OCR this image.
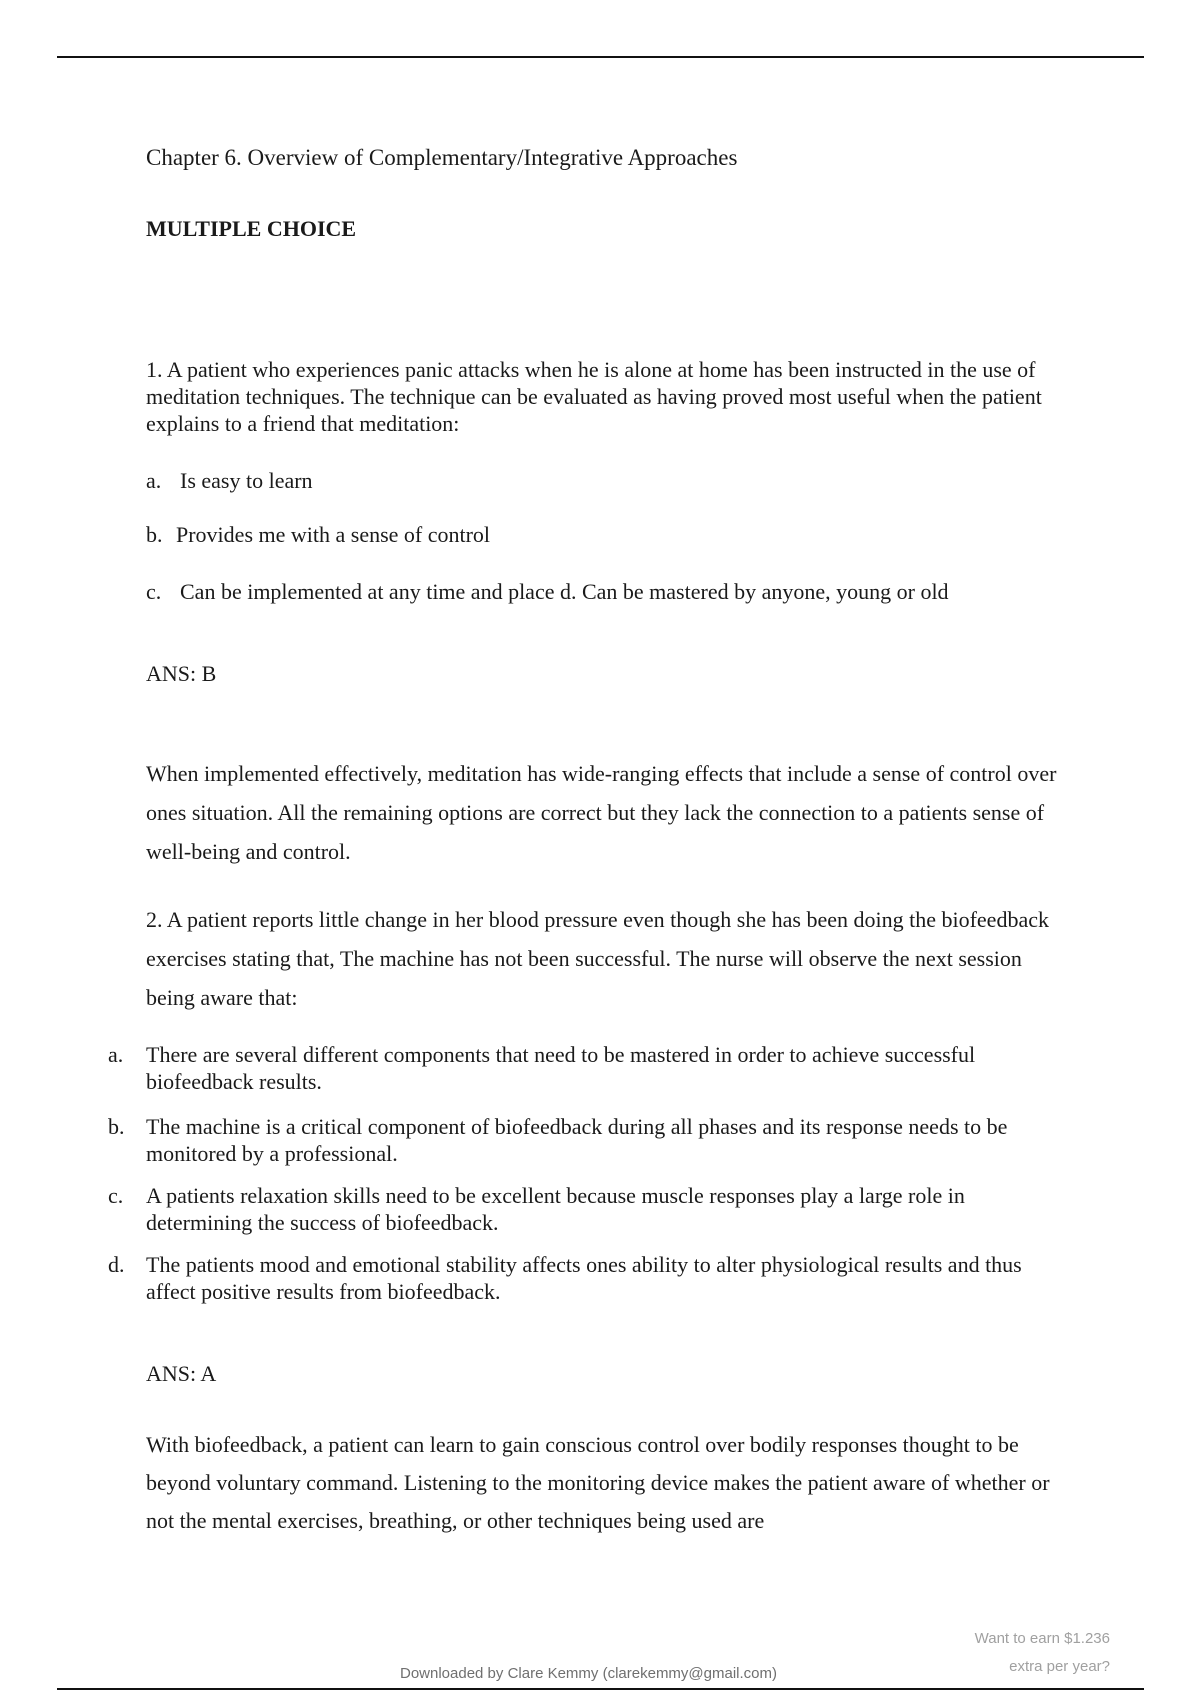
Chapter 6. Overview of Complementary/Integrative Approaches
MULTIPLE CHOICE
1. A patient who experiences panic attacks when he is alone at home has been instructed in the use of meditation techniques. The technique can be evaluated as having proved most useful when the patient explains to a friend that meditation:
a. Is easy to learn
b. Provides me with a sense of control
c. Can be implemented at any time and place d. Can be mastered by anyone, young or old
ANS: B
When implemented effectively, meditation has wide-ranging effects that include a sense of control over ones situation. All the remaining options are correct but they lack the connection to a patients sense of well-being and control.
2. A patient reports little change in her blood pressure even though she has been doing the biofeedback exercises stating that, The machine has not been successful. The nurse will observe the next session being aware that:
a.	There are several different components that need to be mastered in order to achieve successful biofeedback results.
b. The machine is a critical component of biofeedback during all phases and its response needs to be monitored by a professional.
c.	A patients relaxation skills need to be excellent because muscle responses play a large role in determining the success of biofeedback.
d. The patients mood and emotional stability affects ones ability to alter physiological results and thus affect positive results from biofeedback.
ANS: A
With biofeedback, a patient can learn to gain conscious control over bodily responses thought to be beyond voluntary command. Listening to the monitoring device makes the patient aware of whether or not the mental exercises, breathing, or other techniques being used are
Want to earn $1.236
extra per year?
Downloaded by Clare Kemmy (clarekemmy@gmail.com)
